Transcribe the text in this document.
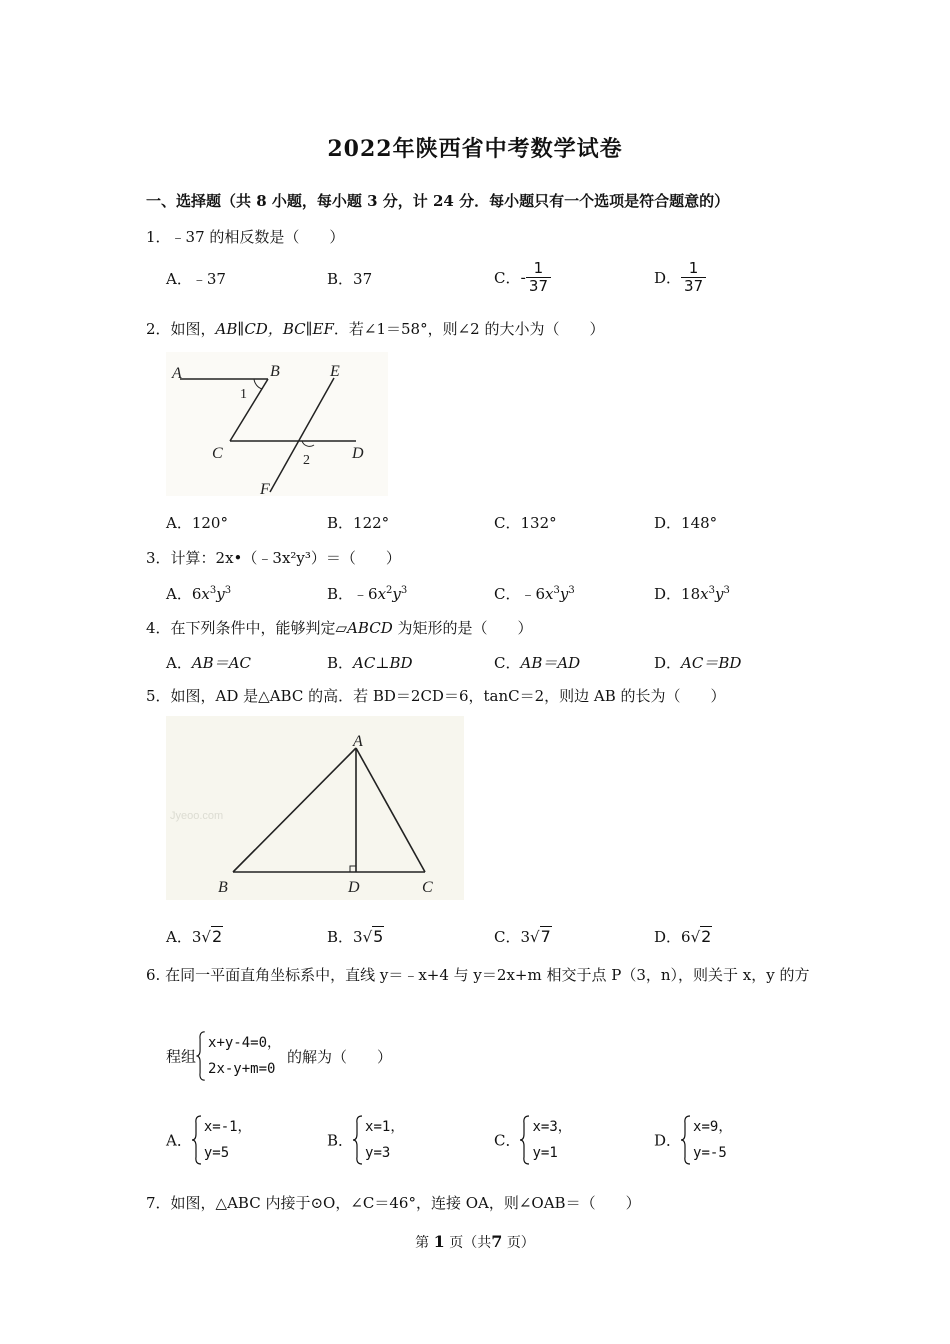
2022年陕西省中考数学试卷
一、选择题（共 8 小题，每小题 3 分，计 24 分．每小题只有一个选项是符合题意的）
1．﹣37 的相反数是（　　）
A．﹣37	B．37	C．- $\frac{1}{37}$	D． $\frac{1}{37}$
2．如图，AB∥CD，BC∥EF．若∠1＝58°，则∠2 的大小为（　　）
A	B
1
E
C	2	D
F
A．120°	B．122°	C．132°	D．148°
3．计算：2x•（﹣3x²y³）＝（　　）
A．$6x^3y^3$	B．$﹣6x^2y^3$	C．$﹣6x^3y^3$	D．$18x^3y^3$
4．在下列条件中，能够判定▱ABCD 为矩形的是（　　）
A．AB＝AC	B．AC⊥BD	C．AB＝AD	D．AC＝BD
5．如图，AD 是△ABC 的高．若 BD＝2CD＝6，tanC＝2，则边 AB 的长为（　　）
Jyeoo.com
A
B	D	C
A．3√2	B．3√5	C．3√7	D．6√2
6. 在同一平面直角坐标系中，直线 y＝﹣x+4 与 y＝2x+m 相交于点 P（3，n），则关于 x，y 的方
程组
x+y-4=0，
2x-y+m=0
的解为（　　）
A．
x=-1，
y=5
B．
x=1，
y=3
C．
x=3，
y=1
D．
x=9，
y=-5
7．如图，△ABC 内接于⊙O，∠C＝46°，连接 OA，则∠OAB＝（　　）
第 1 页（共7 页）
